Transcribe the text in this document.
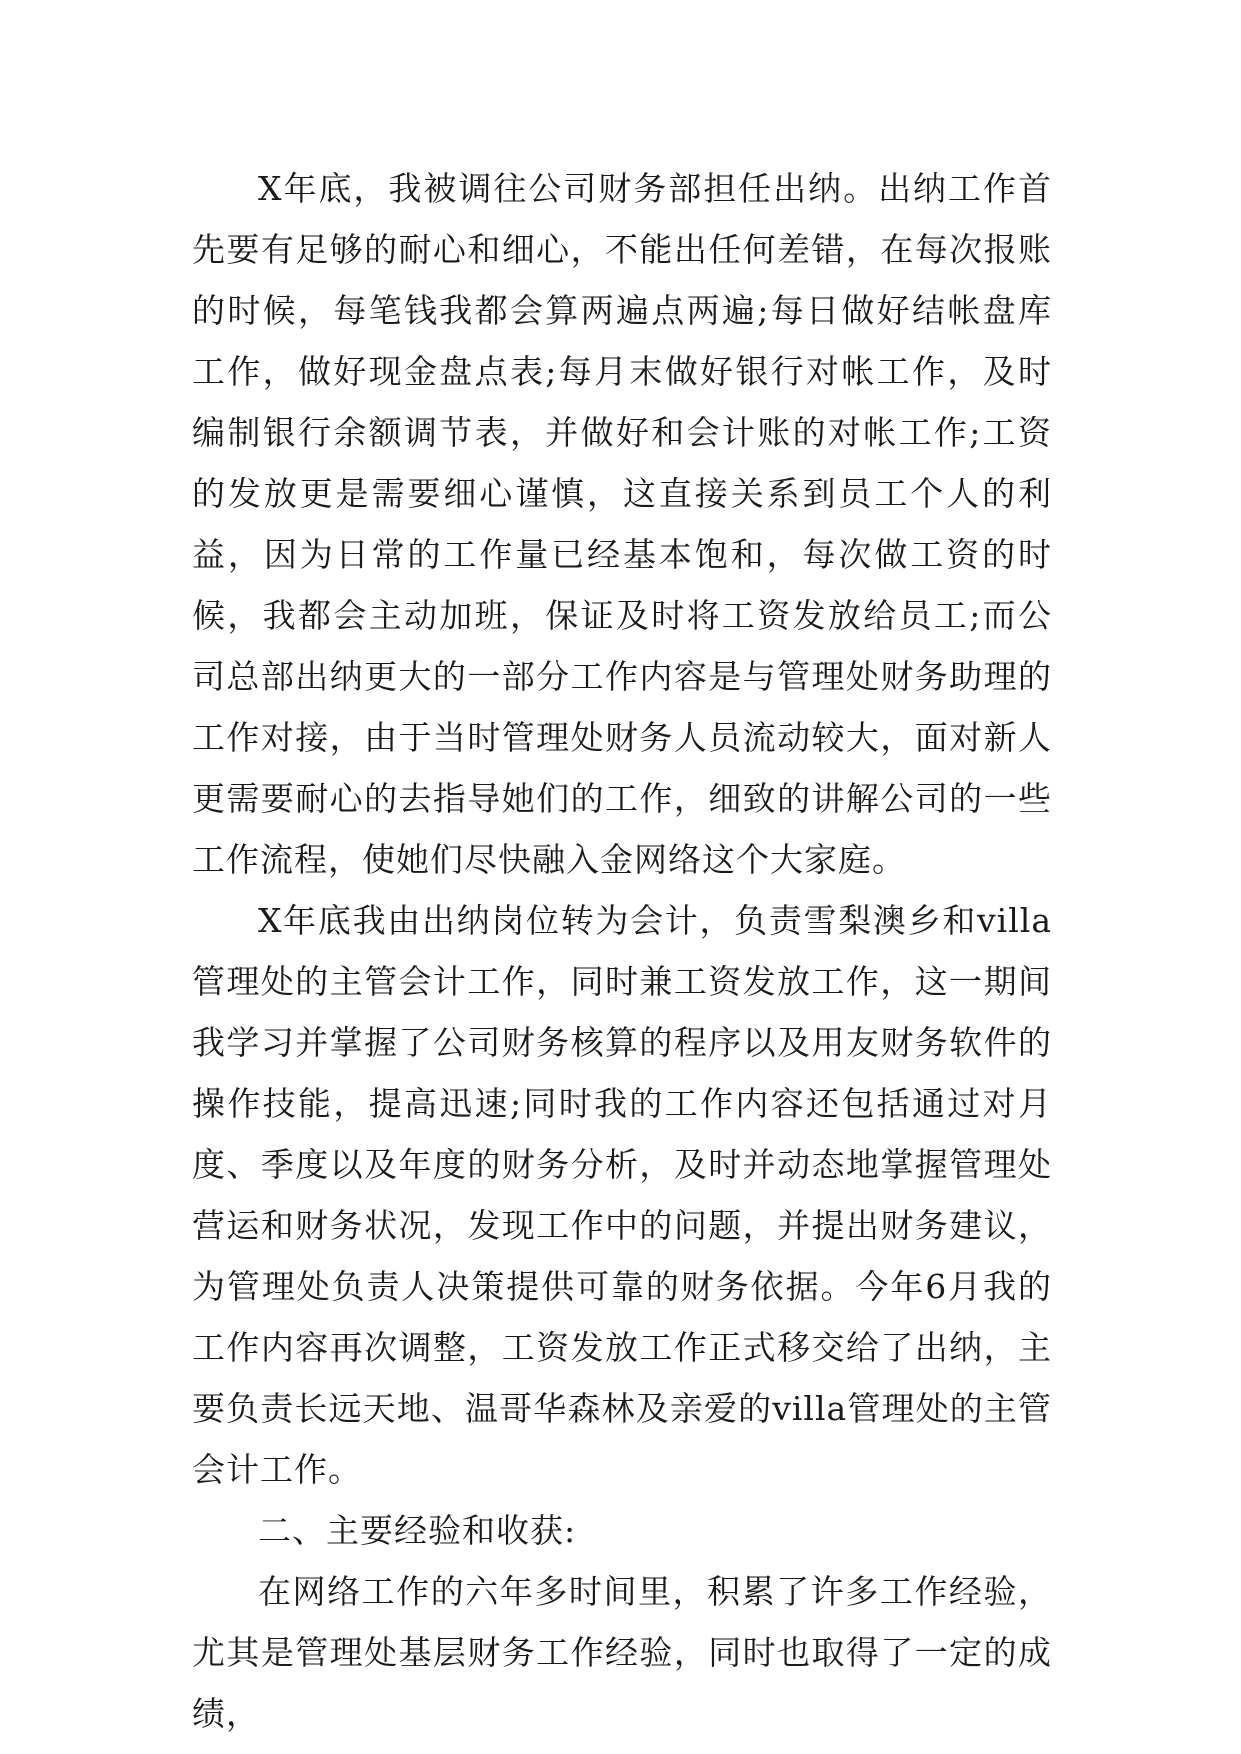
X年底，我被调往公司财务部担任出纳。出纳工作首先要有足够的耐心和细心，不能出任何差错，在每次报账的时候，每笔钱我都会算两遍点两遍;每日做好结帐盘库工作，做好现金盘点表;每月末做好银行对帐工作，及时编制银行余额调节表，并做好和会计账的对帐工作;工资的发放更是需要细心谨慎，这直接关系到员工个人的利益，因为日常的工作量已经基本饱和，每次做工资的时候，我都会主动加班，保证及时将工资发放给员工;而公司总部出纳更大的一部分工作内容是与管理处财务助理的工作对接，由于当时管理处财务人员流动较大，面对新人更需要耐心的去指导她们的工作，细致的讲解公司的一些工作流程，使她们尽快融入金网络这个大家庭。

X年底我由出纳岗位转为会计，负责雪梨澳乡和villa管理处的主管会计工作，同时兼工资发放工作，这一期间我学习并掌握了公司财务核算的程序以及用友财务软件的操作技能，提高迅速;同时我的工作内容还包括通过对月度、季度以及年度的财务分析，及时并动态地掌握管理处营运和财务状况，发现工作中的问题，并提出财务建议，为管理处负责人决策提供可靠的财务依据。今年6月我的工作内容再次调整，工资发放工作正式移交给了出纳，主要负责长远天地、温哥华森林及亲爱的villa管理处的主管会计工作。

二、主要经验和收获:

在网络工作的六年多时间里，积累了许多工作经验，尤其是管理处基层财务工作经验，同时也取得了一定的成绩，
